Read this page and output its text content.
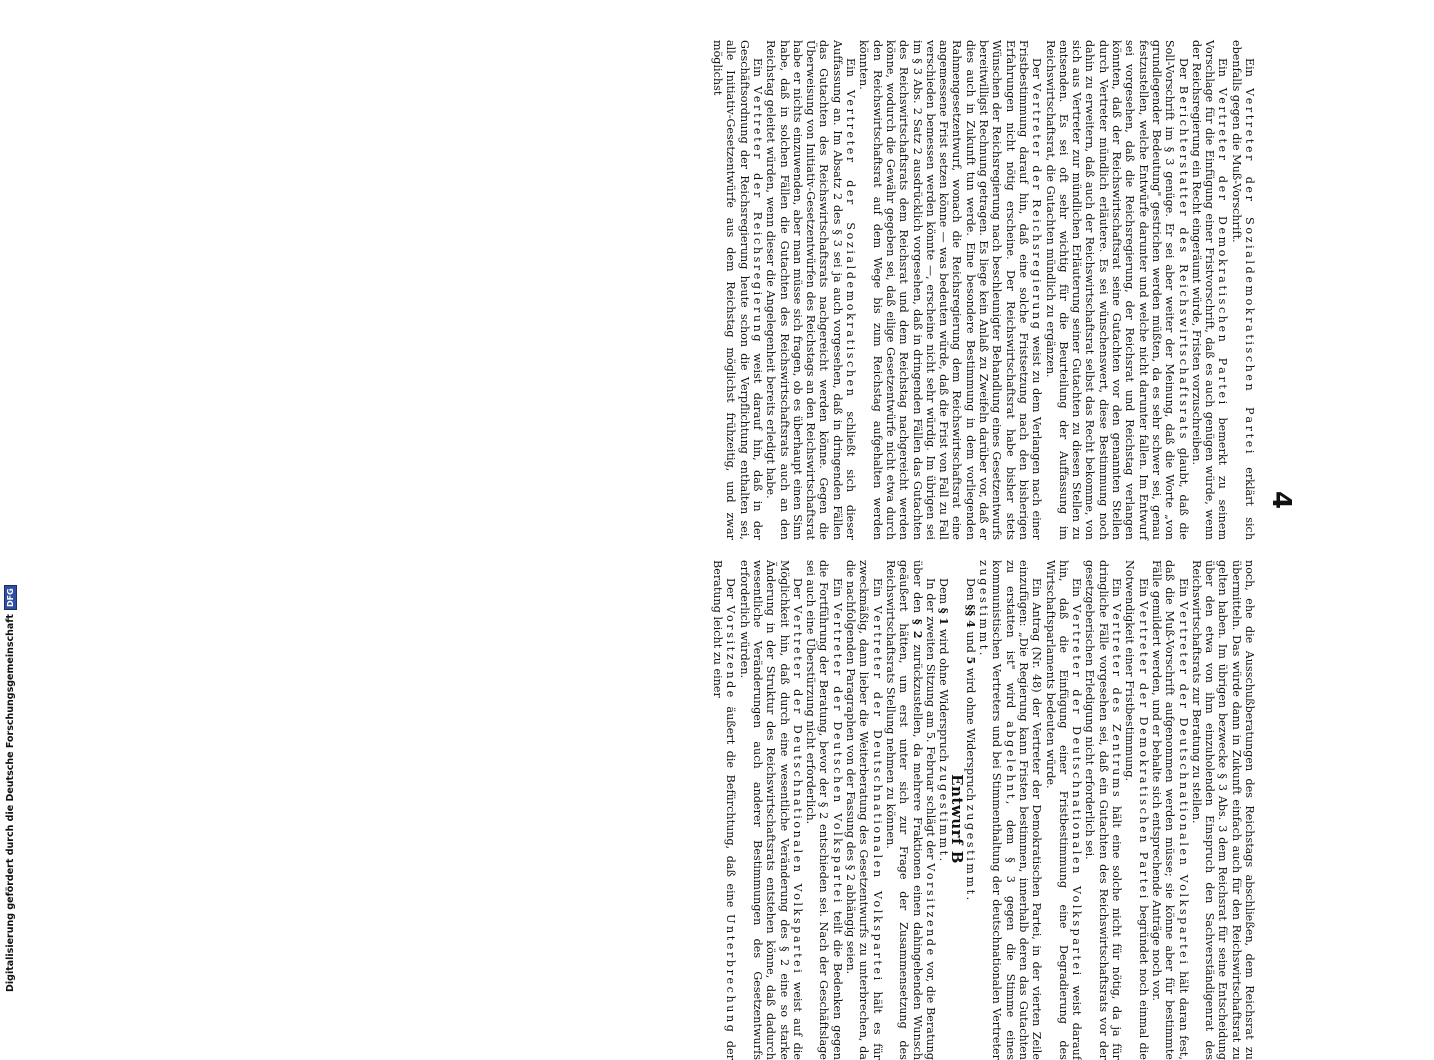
4

Ein Vertreter der Sozialdemokratischen Partei erklärt sich ebenfalls gegen die Muß-Vorschrift.

Ein Vertreter der Demokratischen Partei bemerkt zu seinem Vorschlage für die Einfügung einer Fristvorschrift, daß es auch genügen würde, wenn der Reichsregierung ein Recht eingeräumt würde, Fristen vorzuschreiben.

Der Berichterstatter des Reichswirtschaftsrats glaubt, daß die Soll-Vorschrift im § 3 genüge. Er sei aber weiter der Meinung, daß die Worte „von grundlegender Bedeutung" gestrichen werden müßten, da es sehr schwer sei, genau festzustellen, welche Entwürfe darunter und welche nicht darunter fallen. Im Entwurf sei vorgesehen, daß die Reichsregierung, der Reichsrat und Reichstag verlangen könnten, daß der Reichswirtschaftsrat seine Gutachten vor den genannten Stellen durch Vertreter mündlich erläutere. Es sei wünschenswert, diese Bestimmung noch dahin zu erweitern, daß auch der Reichswirtschaftsrat selbst das Recht bekomme, von sich aus Vertreter zur mündlichen Erläuterung seiner Gutachten zu diesen Stellen zu entsenden. Es sei oft sehr wichtig für die Beurteilung der Auffassung im Reichswirtschaftsrat, die Gutachten mündlich zu ergänzen.

Der Vertreter der Reichsregierung weist zu dem Verlangen nach einer Fristbestimmung darauf hin, daß eine solche Fristsetzung nach den bisherigen Erfahrungen nicht nötig erscheine. Der Reichswirtschaftsrat habe bisher stets Wünschen der Reichsregierung nach beschleunigter Behandlung eines Gesetzentwurfs bereitwilligst Rechnung getragen. Es liege kein Anlaß zu Zweifeln darüber vor, daß er dies auch in Zukunft tun werde. Eine besondere Bestimmung in dem vorliegenden Rahmengesetzentwurf, wonach die Reichsregierung dem Reichswirtschaftsrat eine angemessene Frist setzen könne — was bedeuten würde, daß die Frist von Fall zu Fall verschieden bemessen werden könnte —, erscheine nicht sehr würdig. Im übrigen sei im § 3 Abs. 2 Satz 2 ausdrücklich vorgesehen, daß in dringenden Fällen das Gutachten des Reichswirtschaftsrats dem Reichsrat und dem Reichstag nachgereicht werden könne, wodurch die Gewähr gegeben sei, daß eilige Gesetzentwürfe nicht etwa durch den Reichswirtschaftsrat auf dem Wege bis zum Reichstag aufgehalten werden könnten.

Ein Vertreter der Sozialdemokratischen schließt sich dieser Auffassung an. Im Absatz 2 des § 3 sei ja auch vorgesehen, daß in dringenden Fällen das Gutachten des Reichswirtschaftsrats nachgereicht werden könne. Gegen die Überweisung von Initiativ-Gesetzentwürfen des Reichstags an den Reichswirtschaftsrat habe er nichts einzuwenden, aber man müsse sich fragen, ob es überhaupt einen Sinn habe, daß in solchen Fällen die Gutachten des Reichswirtschaftsrats auch an den Reichstag geleitet würden, wenn dieser die Angelegenheit bereits erledigt habe.

Ein Vertreter der Reichsregierung weist darauf hin, daß in der Geschäftsordnung der Reichsregierung heute schon die Verpflichtung enthalten sei, alle Initiativ-Gesetzentwürfe aus dem Reichstag möglichst frühzeitig, und zwar möglichst

noch, ehe die Ausschußberatungen des Reichstags abschließen, dem Reichsrat zu übermitteln. Das würde dann in Zukunft einfach auch für den Reichswirtschaftsrat zu gelten haben. Im übrigen bezwecke § 3 Abs. 3 dem Reichsrat für seine Entscheidung über den etwa von ihm einzuholenden Einspruch den Sachverständigenrat des Reichswirtschaftsrats zur Beratung zu stellen.

Ein Vertreter der Deutschnationalen Volkspartei hält daran fest, daß die Muß-Vorschrift aufgenommen werden müsse; sie könne aber für bestimmte Fälle gemildert werden, und er behalte sich entsprechende Anträge noch vor.

Ein Vertreter der Demokratischen Partei begründet noch einmal die Notwendigkeit einer Fristbestimmung.

Ein Vertreter des Zentrums hält eine solche nicht für nötig, da ja für dringliche Fälle vorgesehen sei, daß ein Gutachten des Reichswirtschaftsrats vor der gesetzgeberischen Erledigung nicht erforderlich sei.

Ein Vertreter der Deutschnationalen Volkspartei weist darauf hin, daß die Einfügung einer Fristbestimmung eine Degradierung des Wirtschaftsparlaments bedeuten würde.

Ein Antrag (Nr. 48) der Vertreter der Demokratischen Partei, in der vierten Zeile einzufügen: „Die Regierung kann Fristen bestimmen, innerhalb deren das Gutachten zu erstatten ist" wird abgelehnt, dem § 3 gegen die Stimme eines kommunistischen Vertreters und bei Stimmenthaltung der deutschnationalen Vertreter zugestimmt.

Den §§ 4 und 5 wird ohne Widerspruch zugestimmt.

Entwurf B

Dem § 1 wird ohne Widerspruch zugestimmt.

In der zweiten Sitzung am 5. Februar schlägt der Vorsitzende vor, die Beratung über den § 2 zurückzustellen, da mehrere Fraktionen einen dahingehenden Wunsch geäußert hätten, um erst unter sich zur Frage der Zusammensetzung des Reichswirtschaftsrats Stellung nehmen zu können.

Ein Vertreter der Deutschnationalen Volkspartei hält es für zweckmäßig, dann lieber die Weiterberatung des Gesetzentwurfs zu unterbrechen, da die nachfolgenden Paragraphen von der Fassung des § 2 abhängig seien.

Ein Vertreter der Deutschen Volkspartei teilt die Bedenken gegen die Fortführung der Beratung, bevor der § 2 entschieden sei. Nach der Geschäftslage sei auch eine Überstürzung nicht erforderlich.

Der Vertreter der Deutschnationalen Volkspartei weist auf die Möglichkeit hin, daß durch eine wesentliche Veränderung des § 2 eine so starke Änderung in der Struktur des Reichswirtschaftsrats entstehen könne, daß dadurch wesentliche Veränderungen auch anderer Bestimmungen des Gesetzentwurfs erforderlich würden.

Der Vorsitzende äußert die Befürchtung, daß eine Unterbrechung der Beratung leicht zu einer

Digitalisierung gefördert durch die Deutsche Forschungsgemeinschaft
DFG
